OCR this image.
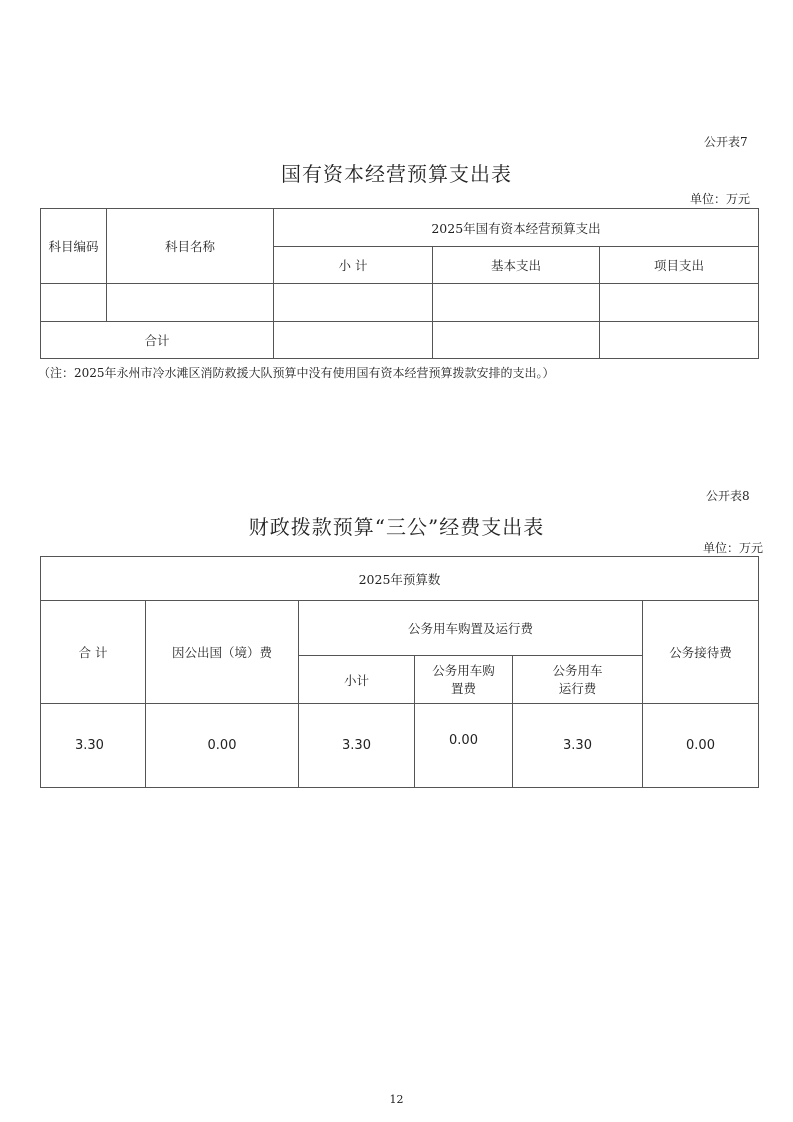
公开表7
国有资本经营预算支出表
单位：万元
科目编码	科目名称	2025年国有资本经营预算支出		
		小 计	基本支出	项目支出

合计				
（注：2025年永州市冷水滩区消防救援大队预算中没有使用国有资本经营预算拨款安排的支出。）
公开表8
财政拨款预算“三公”经费支出表
单位：万元
2025年预算数					
合 计	因公出国（境）费	公务用车购置及运行费			公务接待费
		小计	公务用车购置费	公务用车运行费	
3.30	0.00	3.30	0.00	3.30	0.00
12
